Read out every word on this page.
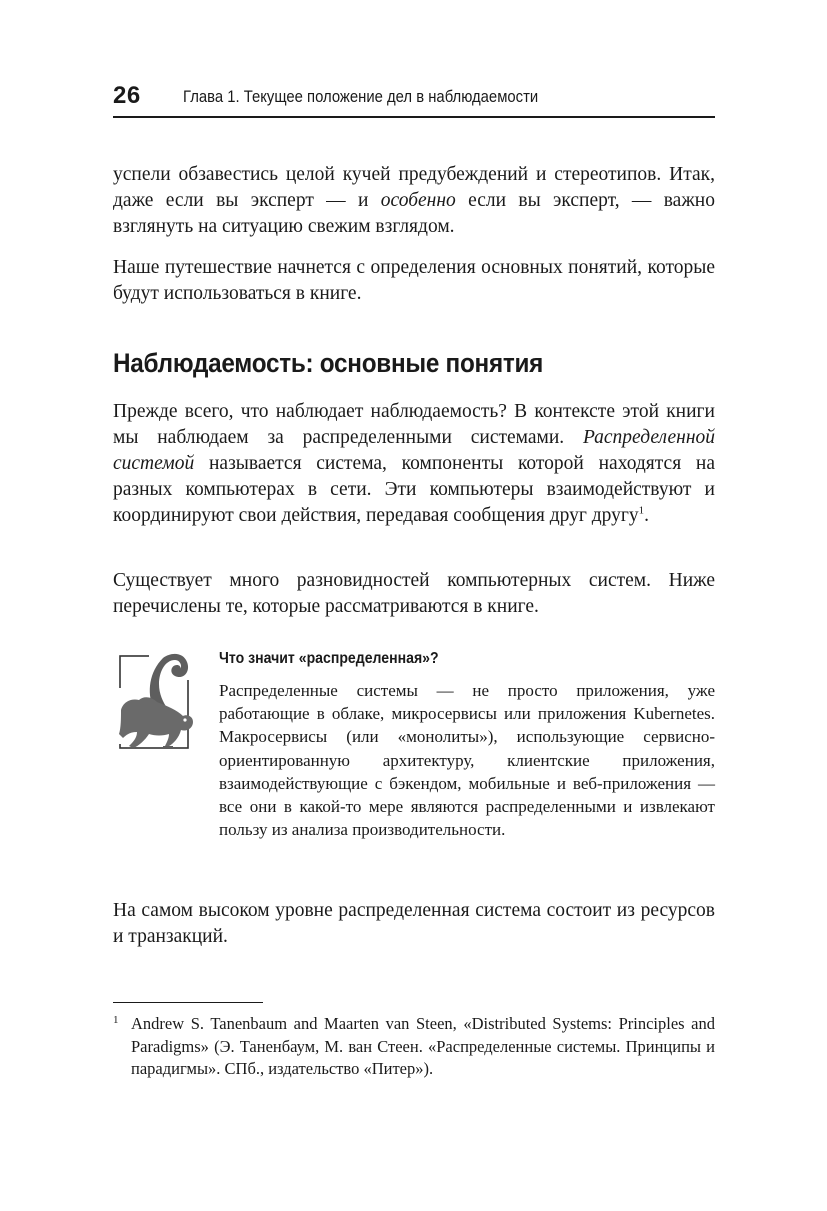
26	Глава 1. Текущее положение дел в наблюдаемости

успели обзавестись целой кучей предубеждений и стереотипов. Итак, даже если вы эксперт — и особенно если вы эксперт, — важно взглянуть на ситуацию свежим взглядом.

Наше путешествие начнется с определения основных понятий, которые будут использоваться в книге.

Наблюдаемость: основные понятия

Прежде всего, что наблюдает наблюдаемость? В контексте этой книги мы наблюдаем за распределенными системами. Распределенной системой называется система, компоненты которой находятся на разных компьютерах в сети. Эти компьютеры взаимодействуют и координируют свои действия, передавая сообщения друг другу$^1$.

Существует много разновидностей компьютерных систем. Ниже перечислены те, которые рассматриваются в книге.

Что значит «распределенная»?

Распределенные системы — не просто приложения, уже работающие в облаке, микросервисы или приложения Kubernetes. Макросервисы (или «монолиты»), использующие сервисно-ориентированную архитектуру, клиентские приложения, взаимодействующие с бэкендом, мобильные и веб-приложения — все они в какой-то мере являются распределенными и извлекают пользу из анализа производительности.

На самом высоком уровне распределенная система состоит из ресурсов и транзакций.

1 Andrew S. Tanenbaum and Maarten van Steen, «Distributed Systems: Principles and Paradigms» (Э. Таненбаум, М. ван Стеен. «Распределенные системы. Принципы и парадигмы». СПб., издательство «Питер»).
